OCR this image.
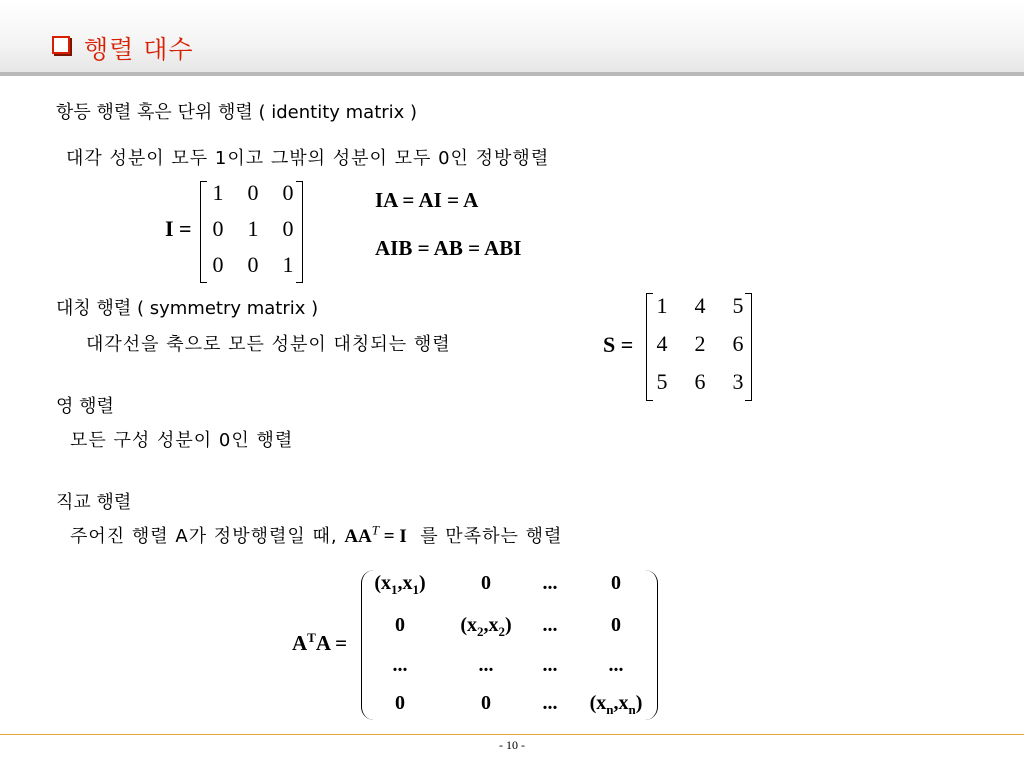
행렬 대수
항등 행렬 혹은 단위 행렬 ( identity matrix )
대각 성분이 모두 1이고 그밖의 성분이 모두 0인 정방행렬
I =
1	0	0
0	1	0
0	0	1
IA = AI = A
AIB = AB = ABI
대칭 행렬 ( symmetry matrix )
대각선을 축으로 모든 성분이 대칭되는 행렬	S =
1	4	5
4	2	6
5	6	3
영 행렬
모든 구성 성분이 0인 행렬
직교 행렬
주어진 행렬 A가 정방행렬일 때, $AA^T = I$ 를 만족하는 행렬
$A^TA$ =
$(x_1,x_1)$	0	...	0
0	$(x_2,x_2)$	...	0
...	...	...	...
0	0	...	$(x_n,x_n)$
- 10 -
